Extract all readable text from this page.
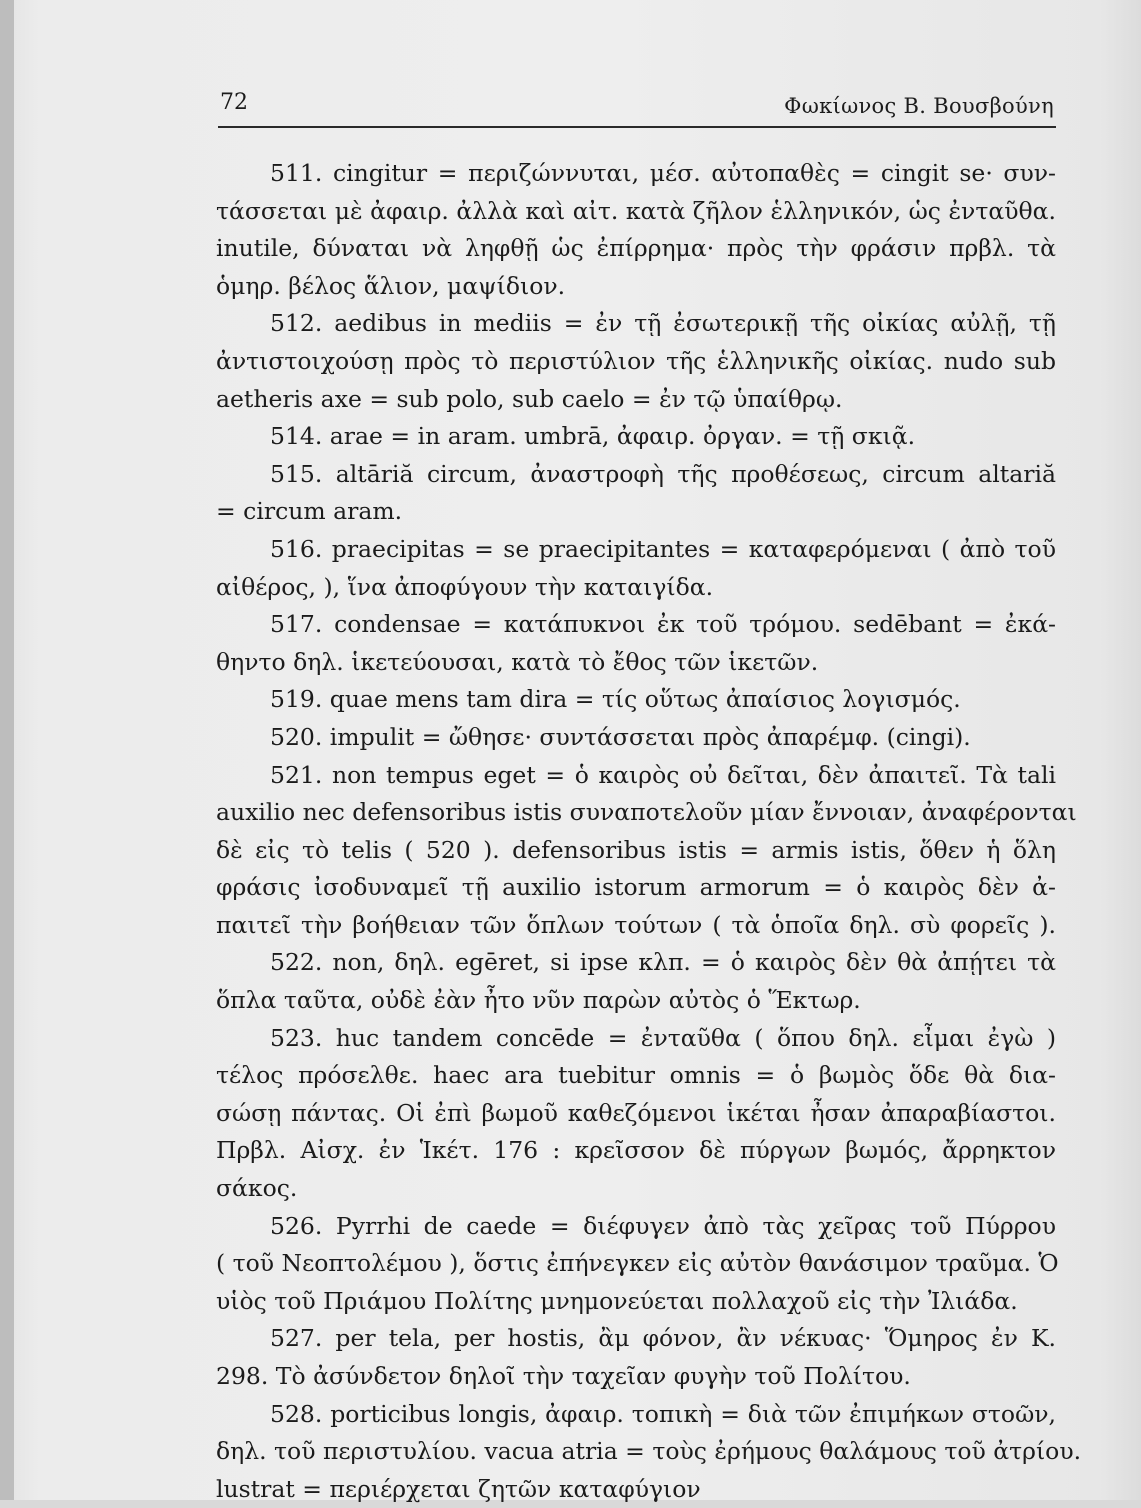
72	Φωκίωνος Β. Βουσβούνη
511. cingitur = περιζώννυται, μέσ. αὐτοπαθὲς = cingit se· συν-
τάσσεται μὲ ἀφαιρ. ἀλλὰ καὶ αἰτ. κατὰ ζῆλον ἑλληνικόν, ὡς ἐνταῦθα.
inutile, δύναται νὰ ληφθῇ ὡς ἐπίρρημα· πρὸς τὴν φράσιν πρβλ. τὰ
ὁμηρ. βέλος ἅλιον, μαψίδιον.
512. aedibus in mediis = ἐν τῇ ἐσωτερικῇ τῆς οἰκίας αὐλῇ, τῇ
ἀντιστοιχούσῃ πρὸς τὸ περιστύλιον τῆς ἑλληνικῆς οἰκίας. nudo sub
aetheris axe = sub polo, sub caelo = ἐν τῷ ὑπαίθρῳ.
514. arae = in aram. umbrā, ἀφαιρ. ὀργαν. = τῇ σκιᾷ.
515. altāriă circum, ἀναστροφὴ τῆς προθέσεως, circum altariă
= circum aram.
516. praecipitas = se praecipitantes = καταφερόμεναι ( ἀπὸ τοῦ
αἰθέρος, ), ἵνα ἀποφύγουν τὴν καταιγίδα.
517. condensae = κατάπυκνοι ἐκ τοῦ τρόμου. sedēbant = ἐκά-
θηντο δηλ. ἱκετεύουσαι, κατὰ τὸ ἔθος τῶν ἱκετῶν.
519. quae mens tam dira = τίς οὕτως ἀπαίσιος λογισμός.
520. impulit = ὤθησε· συντάσσεται πρὸς ἀπαρέμφ. (cingi).
521. non tempus eget = ὁ καιρὸς οὐ δεῖται, δὲν ἀπαιτεῖ. Τὰ tali
auxilio nec defensoribus istis συναποτελοῦν μίαν ἔννοιαν, ἀναφέρονται
δὲ εἰς τὸ telis ( 520 ). defensoribus istis = armis istis, ὅθεν ἡ ὅλη
φράσις ἰσοδυναμεῖ τῇ auxilio istorum armorum = ὁ καιρὸς δὲν ἀ-
παιτεῖ τὴν βοήθειαν τῶν ὅπλων τούτων ( τὰ ὁποῖα δηλ. σὺ φορεῖς ).
522. non, δηλ. egēret, si ipse κλπ. = ὁ καιρὸς δὲν θὰ ἀπῄτει τὰ
ὅπλα ταῦτα, οὐδὲ ἐὰν ἦτο νῦν παρὼν αὐτὸς ὁ Ἕκτωρ.
523. huc tandem concēde = ἐνταῦθα ( ὅπου δηλ. εἶμαι ἐγὼ )
τέλος πρόσελθε. haec ara tuebitur omnis = ὁ βωμὸς ὅδε θὰ δια-
σώσῃ πάντας. Οἱ ἐπὶ βωμοῦ καθεζόμενοι ἱκέται ἦσαν ἀπαραβίαστοι.
Πρβλ. Αἰσχ. ἐν Ἱκέτ. 176 : κρεῖσσον δὲ πύργων βωμός, ἄρρηκτον
σάκος.
526. Pyrrhi de caede = διέφυγεν ἀπὸ τὰς χεῖρας τοῦ Πύρρου
( τοῦ Νεοπτολέμου ), ὅστις ἐπήνεγκεν εἰς αὐτὸν θανάσιμον τραῦμα. Ὁ
υἱὸς τοῦ Πριάμου Πολίτης μνημονεύεται πολλαχοῦ εἰς τὴν Ἰλιάδα.
527. per tela, per hostis, ἂμ φόνον, ἂν νέκυας· Ὅμηρος ἐν Κ.
298. Τὸ ἀσύνδετον δηλοῖ τὴν ταχεῖαν φυγὴν τοῦ Πολίτου.
528. porticibus longis, ἀφαιρ. τοπικὴ = διὰ τῶν ἐπιμήκων στοῶν,
δηλ. τοῦ περιστυλίου. vacua atria = τοὺς ἐρήμους θαλάμους τοῦ ἀτρίου.
lustrat = περιέρχεται ζητῶν καταφύγιον
